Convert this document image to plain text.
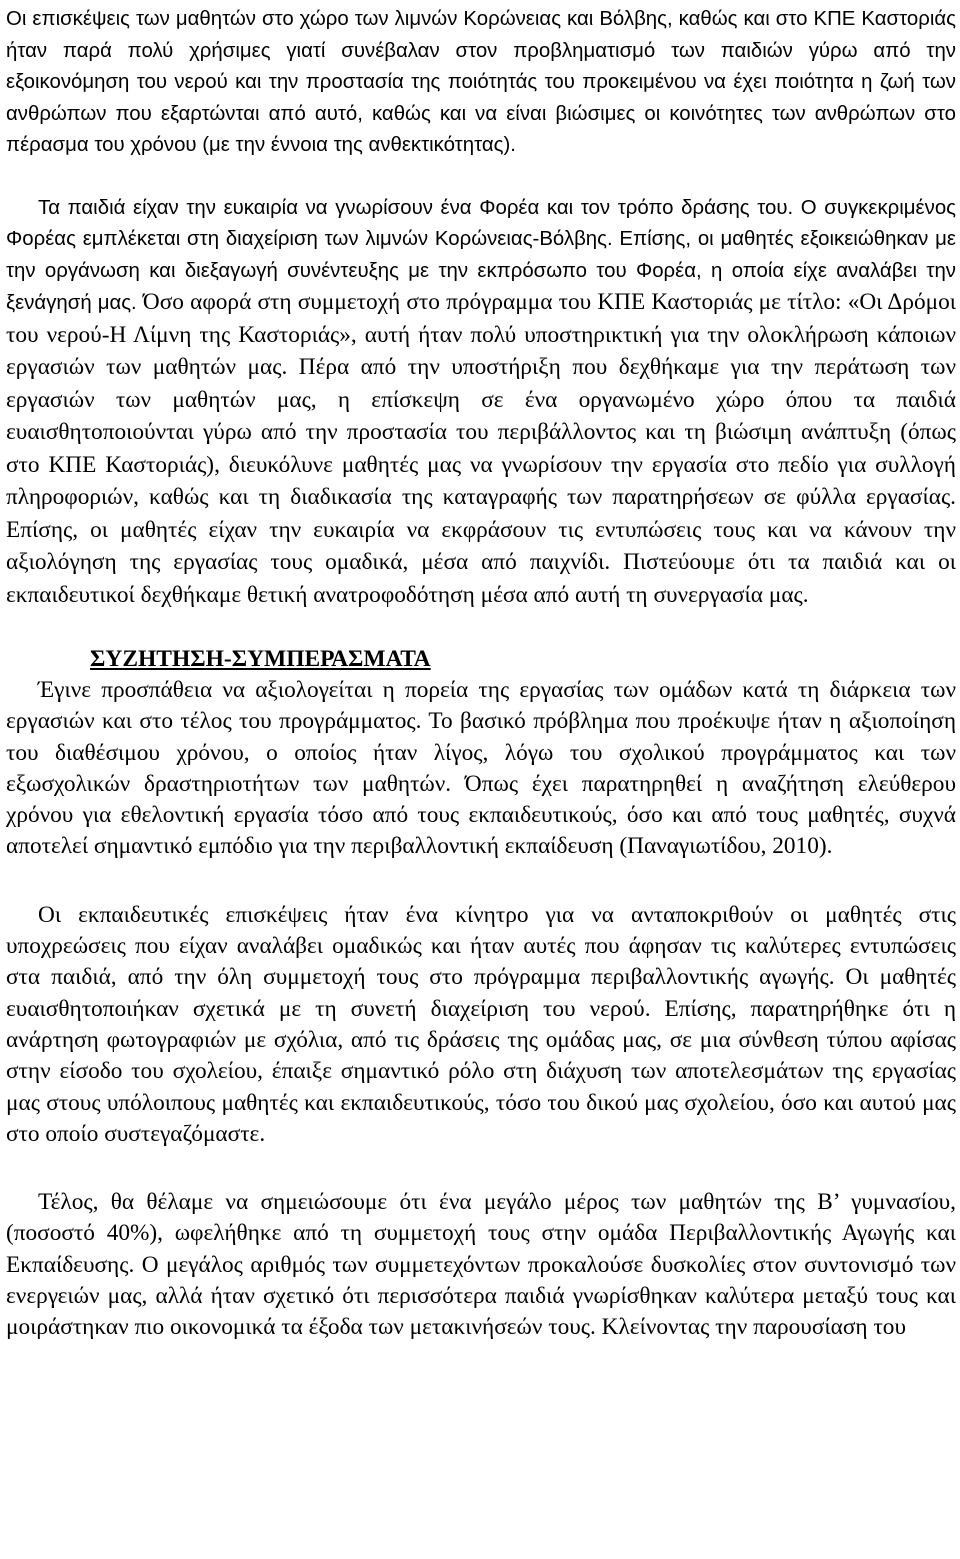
Οι επισκέψεις των μαθητών στο χώρο των λιμνών Κορώνειας και Βόλβης, καθώς και στο ΚΠΕ Καστοριάς ήταν παρά πολύ χρήσιμες γιατί συνέβαλαν στον προβληματισμό των παιδιών γύρω από την εξοικονόμηση του νερού και την προστασία της ποιότητάς του προκειμένου να έχει ποιότητα η ζωή των ανθρώπων που εξαρτώνται από αυτό, καθώς και να είναι βιώσιμες οι κοινότητες των ανθρώπων στο πέρασμα του χρόνου (με την έννοια της ανθεκτικότητας).

Τα παιδιά είχαν την ευκαιρία να γνωρίσουν ένα Φορέα και τον τρόπο δράσης του. Ο συγκεκριμένος Φορέας εμπλέκεται στη διαχείριση των λιμνών Κορώνειας-Βόλβης. Επίσης, οι μαθητές εξοικειώθηκαν με την οργάνωση και διεξαγωγή συνέντευξης με την εκπρόσωπο του Φορέα, η οποία είχε αναλάβει την ξενάγησή μας. Όσο αφορά στη συμμετοχή στο πρόγραμμα του ΚΠΕ Καστοριάς με τίτλο: «Οι Δρόμοι του νερού-Η Λίμνη της Καστοριάς», αυτή ήταν πολύ υποστηρικτική για την ολοκλήρωση κάποιων εργασιών των μαθητών μας. Πέρα από την υποστήριξη που δεχθήκαμε για την περάτωση των εργασιών των μαθητών μας, η επίσκεψη σε ένα οργανωμένο χώρο όπου τα παιδιά ευαισθητοποιούνται γύρω από την προστασία του περιβάλλοντος και τη βιώσιμη ανάπτυξη (όπως στο ΚΠΕ Καστοριάς), διευκόλυνε μαθητές μας να γνωρίσουν την εργασία στο πεδίο για συλλογή πληροφοριών, καθώς και τη διαδικασία της καταγραφής των παρατηρήσεων σε φύλλα εργασίας. Επίσης, οι μαθητές είχαν την ευκαιρία να εκφράσουν τις εντυπώσεις τους και να κάνουν την αξιολόγηση της εργασίας τους ομαδικά, μέσα από παιχνίδι. Πιστεύουμε ότι τα παιδιά και οι εκπαιδευτικοί δεχθήκαμε θετική ανατροφοδότηση μέσα από αυτή τη συνεργασία μας.

ΣΥΖΗΤΗΣΗ-ΣΥΜΠΕΡΑΣΜΑΤΑ

Έγινε προσπάθεια να αξιολογείται η πορεία της εργασίας των ομάδων κατά τη διάρκεια των εργασιών και στο τέλος του προγράμματος. Το βασικό πρόβλημα που προέκυψε ήταν η αξιοποίηση του διαθέσιμου χρόνου, ο οποίος ήταν λίγος, λόγω του σχολικού προγράμματος και των εξωσχολικών δραστηριοτήτων των μαθητών. Όπως έχει παρατηρηθεί η αναζήτηση ελεύθερου χρόνου για εθελοντική εργασία τόσο από τους εκπαιδευτικούς, όσο και από τους μαθητές, συχνά αποτελεί σημαντικό εμπόδιο για την περιβαλλοντική εκπαίδευση (Παναγιωτίδου, 2010).

Οι εκπαιδευτικές επισκέψεις ήταν ένα κίνητρο για να ανταποκριθούν οι μαθητές στις υποχρεώσεις που είχαν αναλάβει ομαδικώς και ήταν αυτές που άφησαν τις καλύτερες εντυπώσεις στα παιδιά, από την όλη συμμετοχή τους στο πρόγραμμα περιβαλλοντικής αγωγής. Οι μαθητές ευαισθητοποιήκαν σχετικά με τη συνετή διαχείριση του νερού. Επίσης, παρατηρήθηκε ότι η ανάρτηση φωτογραφιών με σχόλια, από τις δράσεις της ομάδας μας, σε μια σύνθεση τύπου αφίσας στην είσοδο του σχολείου, έπαιξε σημαντικό ρόλο στη διάχυση των αποτελεσμάτων της εργασίας μας στους υπόλοιπους μαθητές και εκπαιδευτικούς, τόσο του δικού μας σχολείου, όσο και αυτού μας στο οποίο συστεγαζόμαστε.

Τέλος, θα θέλαμε να σημειώσουμε ότι ένα μεγάλο μέρος των μαθητών της Β’ γυμνασίου, (ποσοστό 40%), ωφελήθηκε από τη συμμετοχή τους στην ομάδα Περιβαλλοντικής Αγωγής και Εκπαίδευσης. Ο μεγάλος αριθμός των συμμετεχόντων προκαλούσε δυσκολίες στον συντονισμό των ενεργειών μας, αλλά ήταν σχετικό ότι περισσότερα παιδιά γνωρίσθηκαν καλύτερα μεταξύ τους και μοιράστηκαν πιο οικονομικά τα έξοδα των μετακινήσεών τους. Κλείνοντας την παρουσίαση του
